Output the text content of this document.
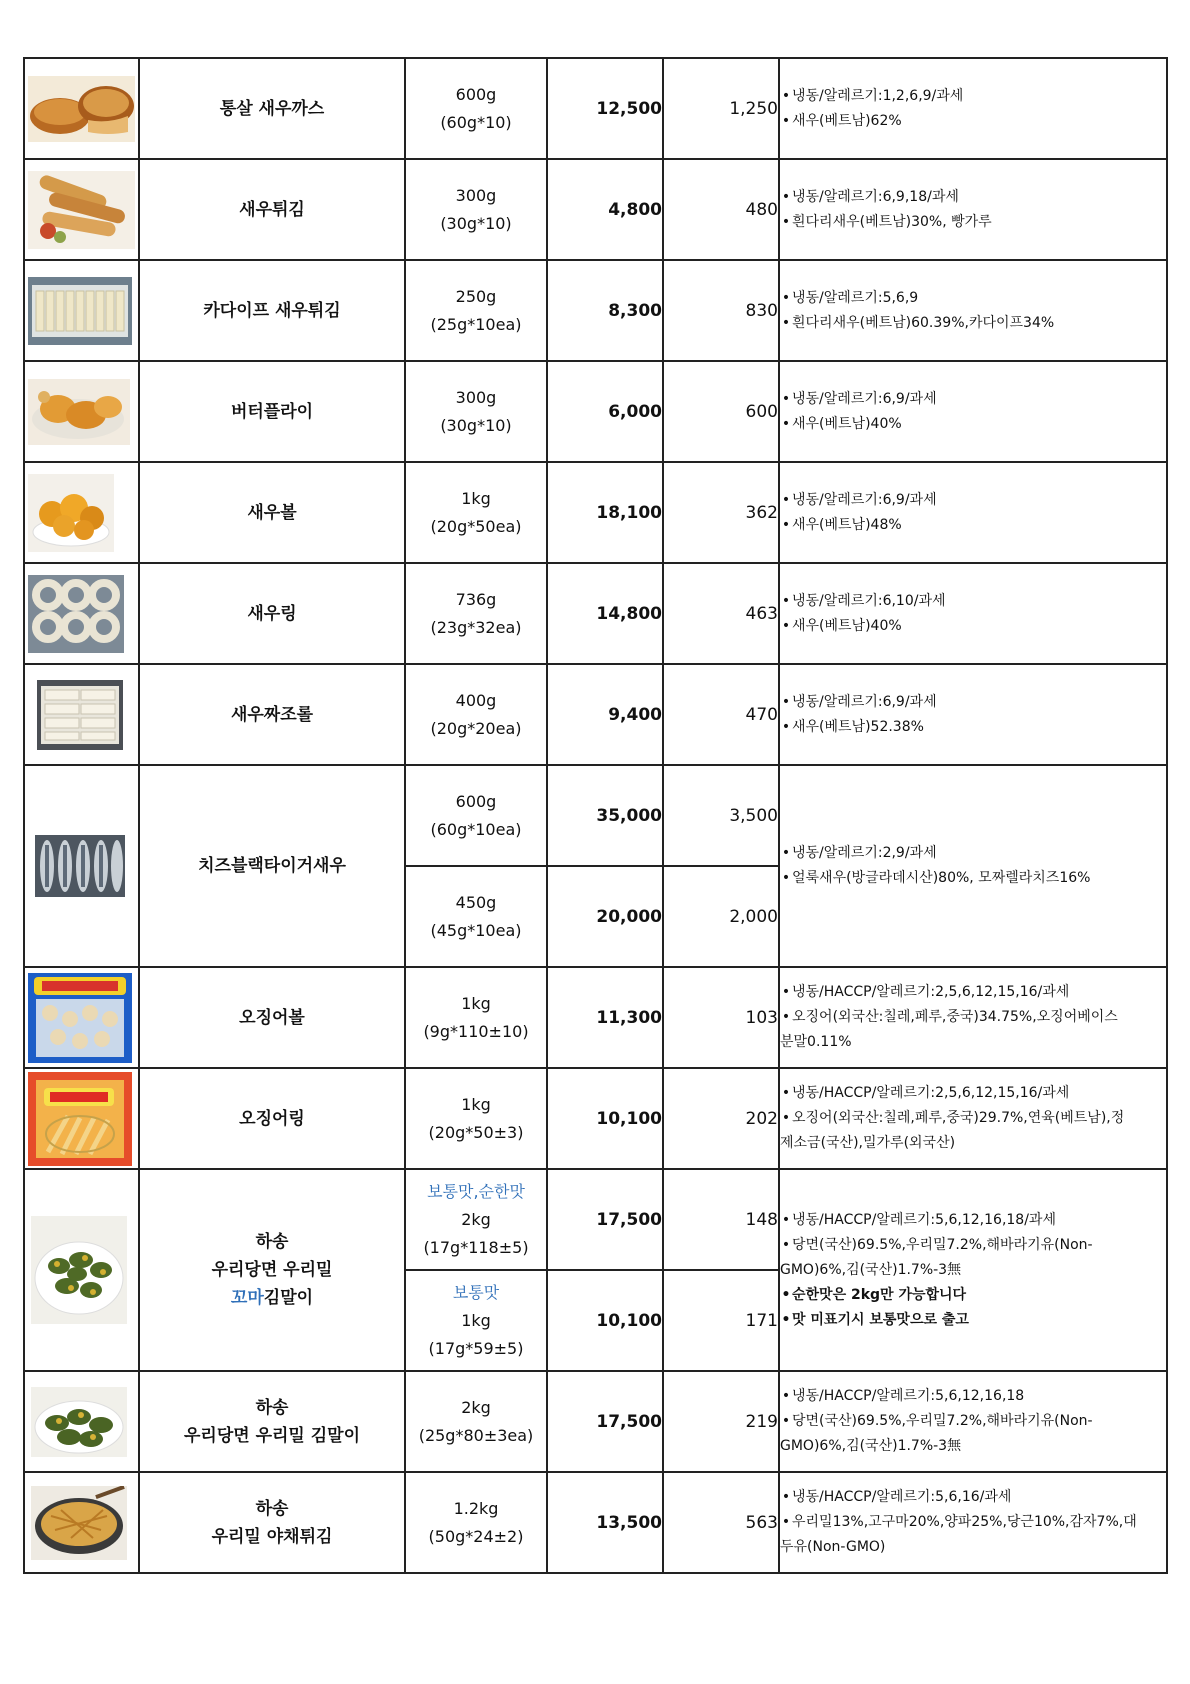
	통살 새우까스	600g
(60g*10)	12,500	1,250	• 냉동/알레르기:1,2,6,9/과세
• 새우(베트남)62%

	새우튀김	300g
(30g*10)	4,800	480	• 냉동/알레르기:6,9,18/과세
• 흰다리새우(베트남)30%, 빵가루

	카다이프 새우튀김	250g
(25g*10ea)	8,300	830	• 냉동/알레르기:5,6,9
• 흰다리새우(베트남)60.39%,카다이프34%

	버터플라이	300g
(30g*10)	6,000	600	• 냉동/알레르기:6,9/과세
• 새우(베트남)40%

	새우볼	1kg
(20g*50ea)	18,100	362	• 냉동/알레르기:6,9/과세
• 새우(베트남)48%

	새우링	736g
(23g*32ea)	14,800	463	• 냉동/알레르기:6,10/과세
• 새우(베트남)40%

	새우짜조롤	400g
(20g*20ea)	9,400	470	• 냉동/알레르기:6,9/과세
• 새우(베트남)52.38%

	치즈블랙타이거새우	600g
(60g*10ea)	35,000	3,500	• 냉동/알레르기:2,9/과세
• 얼룩새우(방글라데시산)80%, 모짜렐라치즈16%

		450g
(45g*10ea)	20,000	2,000	

	오징어볼	1kg
(9g*110±10)	11,300	103	• 냉동/HACCP/알레르기:2,5,6,12,15,16/과세
• 오징어(외국산:칠레,페루,중국)34.75%,오징어베이스
분말0.11%

	오징어링	1kg
(20g*50±3)	10,100	202	• 냉동/HACCP/알레르기:2,5,6,12,15,16/과세
• 오징어(외국산:칠레,페루,중국)29.7%,연육(베트남),정
제소금(국산),밀가루(외국산)

하송
우리당면 우리밀
꼬마김말이	보통맛,순한맛
2kg
(17g*118±5)	17,500	148	• 냉동/HACCP/알레르기:5,6,12,16,18/과세
• 당면(국산)69.5%,우리밀7.2%,해바라기유(Non-
GMO)6%,김(국산)1.7%-3無
• 순한맛은 2kg만 가능합니다
• 맛 미표기시 보통맛으로 출고

		보통맛
1kg
(17g*59±5)	10,100	171	

하송
우리당면 우리밀 김말이	2kg
(25g*80±3ea)	17,500	219	• 냉동/HACCP/알레르기:5,6,12,16,18
• 당면(국산)69.5%,우리밀7.2%,해바라기유(Non-
GMO)6%,김(국산)1.7%-3無

하송
우리밀 야채튀김	1.2kg
(50g*24±2)	13,500	563	• 냉동/HACCP/알레르기:5,6,16/과세
• 우리밀13%,고구마20%,양파25%,당근10%,감자7%,대
두유(Non-GMO)
